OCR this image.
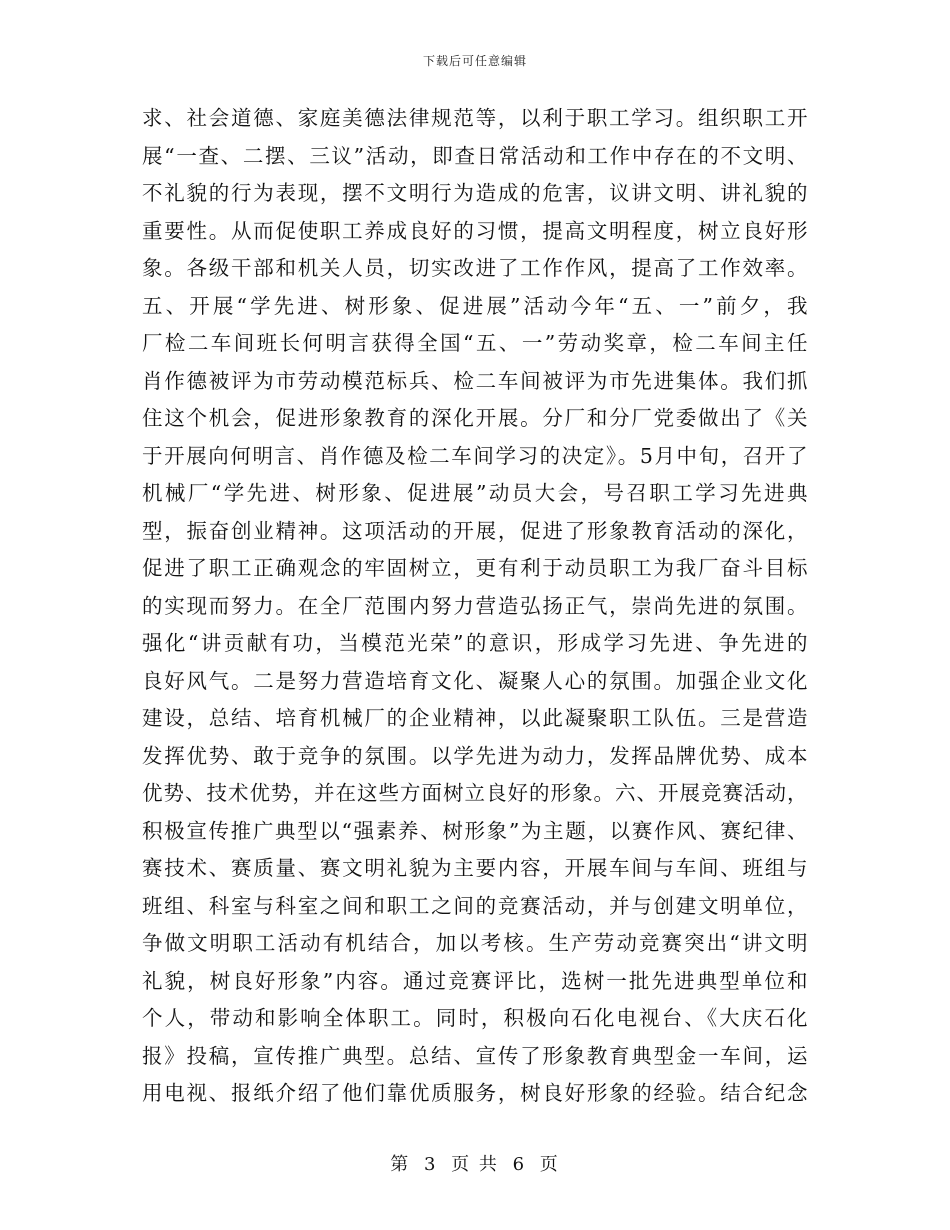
下载后可任意编辑
求、社会道德、家庭美德法律规范等，以利于职工学习。组织职工开
展“一查、二摆、三议”活动，即查日常活动和工作中存在的不文明、
不礼貌的行为表现，摆不文明行为造成的危害，议讲文明、讲礼貌的
重要性。从而促使职工养成良好的习惯，提高文明程度，树立良好形
象。各级干部和机关人员，切实改进了工作作风，提高了工作效率。
五、开展“学先进、树形象、促进展”活动今年“五、一”前夕，我
厂检二车间班长何明言获得全国“五、一”劳动奖章，检二车间主任
肖作德被评为市劳动模范标兵、检二车间被评为市先进集体。我们抓
住这个机会，促进形象教育的深化开展。分厂和分厂党委做出了《关
于开展向何明言、肖作德及检二车间学习的决定》。5月中旬，召开了
机械厂“学先进、树形象、促进展”动员大会，号召职工学习先进典
型，振奋创业精神。这项活动的开展，促进了形象教育活动的深化，
促进了职工正确观念的牢固树立，更有利于动员职工为我厂奋斗目标
的实现而努力。在全厂范围内努力营造弘扬正气，崇尚先进的氛围。
强化“讲贡献有功，当模范光荣”的意识，形成学习先进、争先进的
良好风气。二是努力营造培育文化、凝聚人心的氛围。加强企业文化
建设，总结、培育机械厂的企业精神，以此凝聚职工队伍。三是营造
发挥优势、敢于竞争的氛围。以学先进为动力，发挥品牌优势、成本
优势、技术优势，并在这些方面树立良好的形象。六、开展竞赛活动，
积极宣传推广典型以“强素养、树形象”为主题，以赛作风、赛纪律、
赛技术、赛质量、赛文明礼貌为主要内容，开展车间与车间、班组与
班组、科室与科室之间和职工之间的竞赛活动，并与创建文明单位，
争做文明职工活动有机结合，加以考核。生产劳动竞赛突出“讲文明
礼貌，树良好形象”内容。通过竞赛评比，选树一批先进典型单位和
个人，带动和影响全体职工。同时，积极向石化电视台、《大庆石化
报》投稿，宣传推广典型。总结、宣传了形象教育典型金一车间，运
用电视、报纸介绍了他们靠优质服务，树良好形象的经验。结合纪念
第 3 页 共 6 页
